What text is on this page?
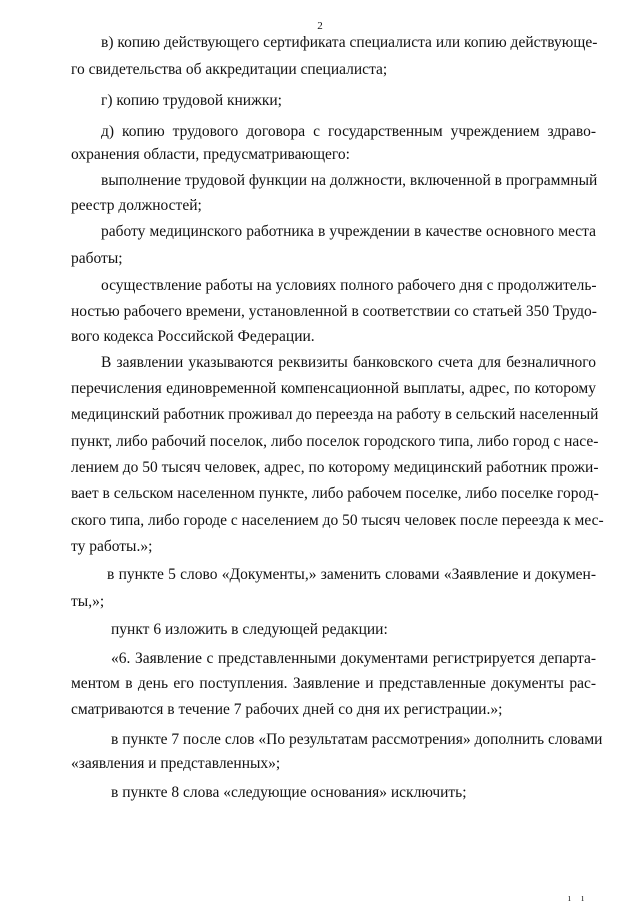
2
в) копию действующего сертификата специалиста или копию действующе-
го свидетельства об аккредитации специалиста;
г) копию трудовой книжки;
д) копию трудового договора с государственным учреждением здраво-
охранения области, предусматривающего:
выполнение трудовой функции на должности, включенной в программный
реестр должностей;
работу медицинского работника в учреждении в качестве основного места
работы;
осуществление работы на условиях полного рабочего дня с продолжитель-
ностью рабочего времени, установленной в соответствии со статьей 350 Трудо-
вого кодекса Российской Федерации.
В заявлении указываются реквизиты банковского счета для безналичного
перечисления единовременной компенсационной выплаты, адрес, по которому
медицинский работник проживал до переезда на работу в сельский населенный
пункт, либо рабочий поселок, либо поселок городского типа, либо город с насе-
лением до 50 тысяч человек, адрес, по которому медицинский работник прожи-
вает в сельском населенном пункте, либо рабочем поселке, либо поселке город-
ского типа, либо городе с населением до 50 тысяч человек после переезда к мес-
ту работы.»;
в пункте 5 слово «Документы,» заменить словами «Заявление и докумен-
ты,»;
пункт 6 изложить в следующей редакции:
«6. Заявление с представленными документами регистрируется департа-
ментом в день его поступления. Заявление и представленные документы рас-
сматриваются в течение 7 рабочих дней со дня их регистрации.»;
в пункте 7 после слов «По результатам рассмотрения» дополнить словами
«заявления и представленных»;
в пункте 8 слова «следующие основания» исключить;
ı ı
